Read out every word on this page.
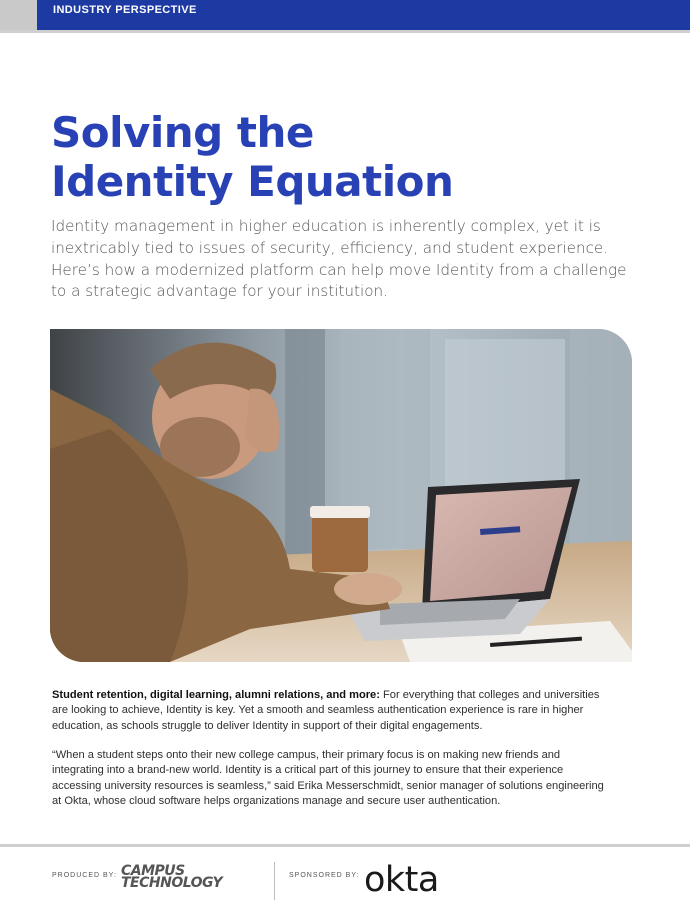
INDUSTRY PERSPECTIVE
Solving the
Identity Equation

Identity management in higher education is inherently complex, yet it is inextricably tied to issues of security, efficiency, and student experience. Here’s how a modernized platform can help move Identity from a challenge to a strategic advantage for your institution.

Student retention, digital learning, alumni relations, and more: For everything that colleges and universities are looking to achieve, Identity is key. Yet a smooth and seamless authentication experience is rare in higher education, as schools struggle to deliver Identity in support of their digital engagements.

“When a student steps onto their new college campus, their primary focus is on making new friends and integrating into a brand-new world. Identity is a critical part of this journey to ensure that their experience accessing university resources is seamless,” said Erika Messerschmidt, senior manager of solutions engineering at Okta, whose cloud software helps organizations manage and secure user authentication.

PRODUCED BY: CAMPUS
TECHNOLOGY	SPONSORED BY: okta
